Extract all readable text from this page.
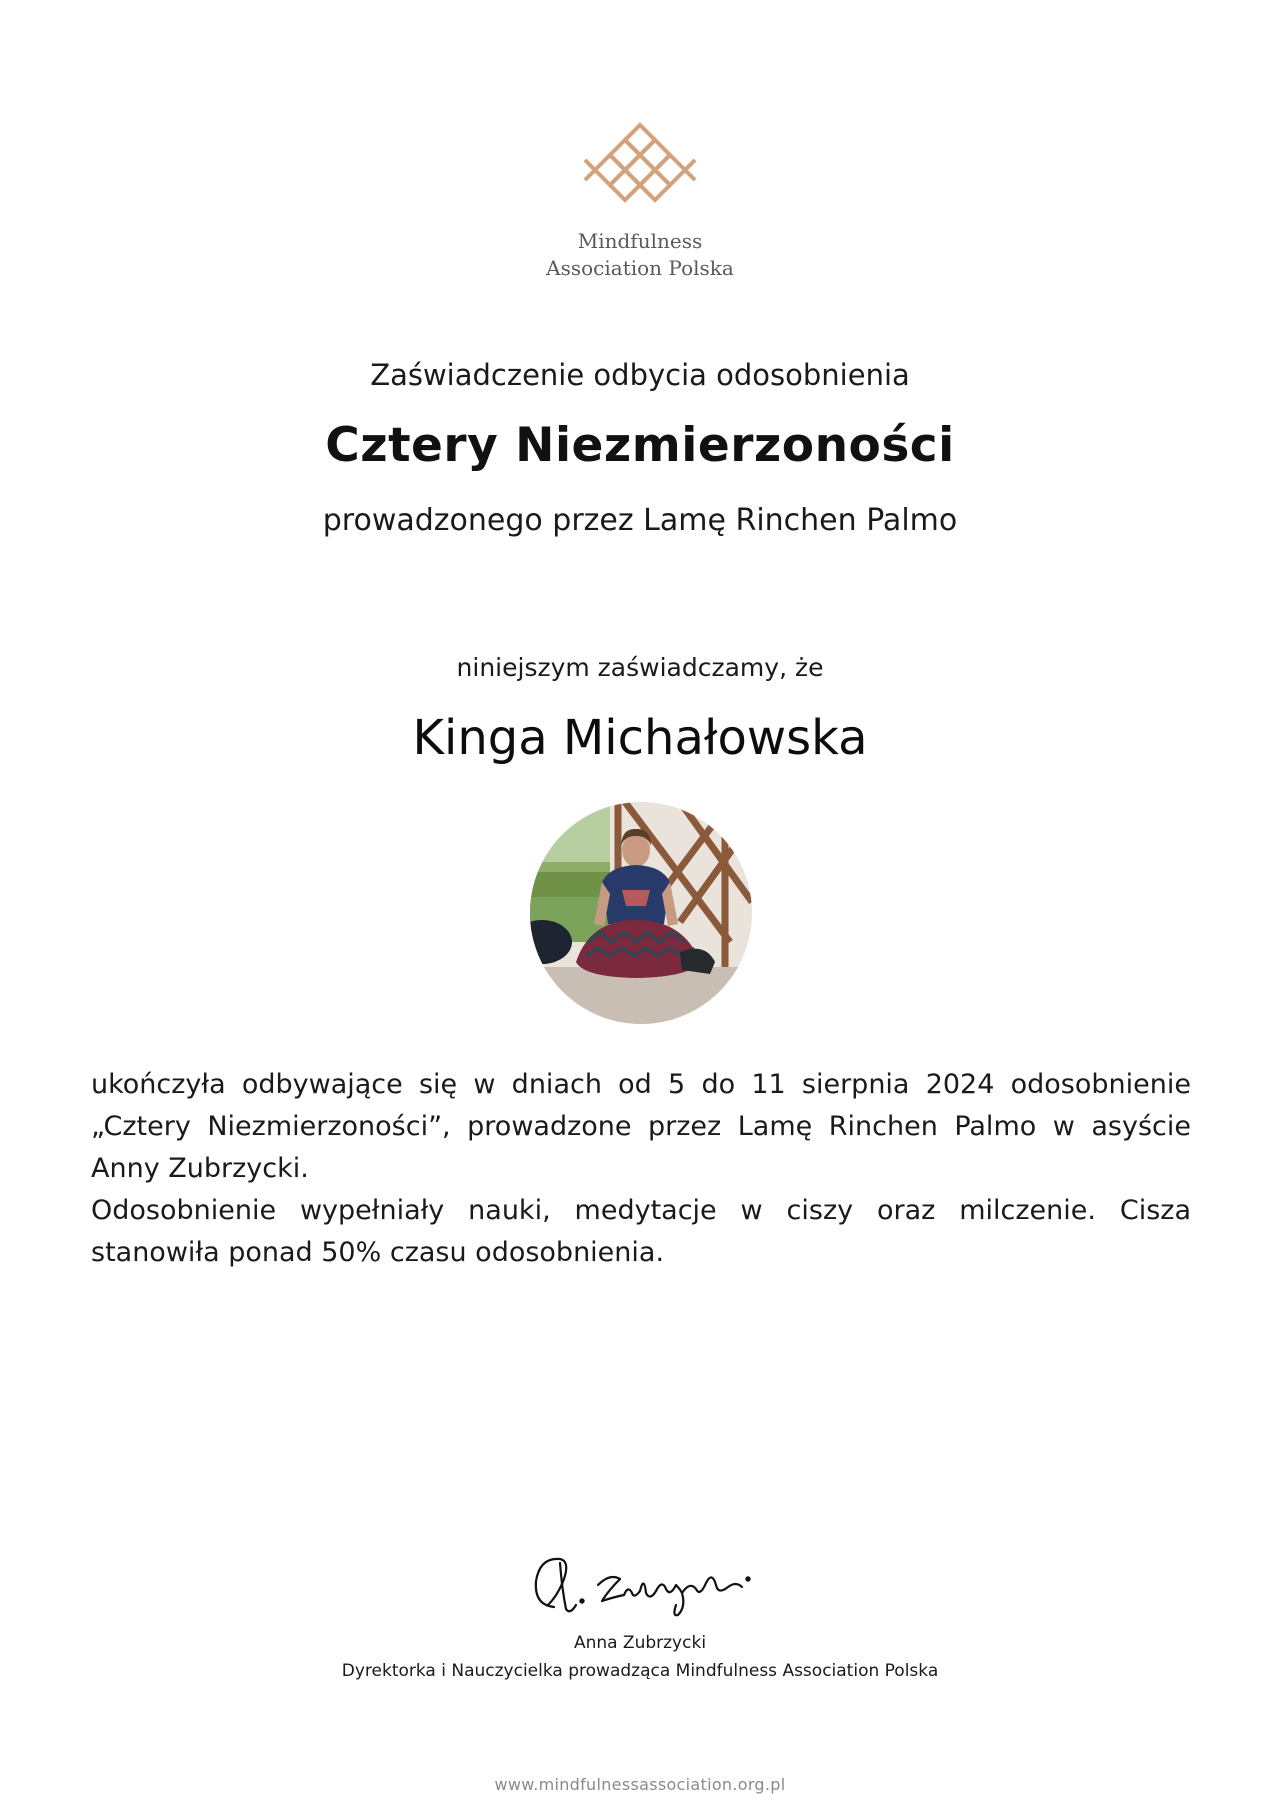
Mindfulness
Association Polska
Zaświadczenie odbycia odosobnienia
Cztery Niezmierzoności
prowadzonego przez Lamę Rinchen Palmo
niniejszym zaświadczamy, że
Kinga Michałowska

ukończyła odbywające się w dniach od 5 do 11 sierpnia 2024 odosobnienie „Cztery Niezmierzoności”, prowadzone przez Lamę Rinchen Palmo w asyście Anny Zubrzycki.

Odosobnienie wypełniały nauki, medytacje w ciszy oraz milczenie. Cisza stanowiła ponad 50% czasu odosobnienia.

Anna Zubrzycki
Dyrektorka i Nauczycielka prowadząca Mindfulness Association Polska
www.mindfulnessassociation.org.pl
